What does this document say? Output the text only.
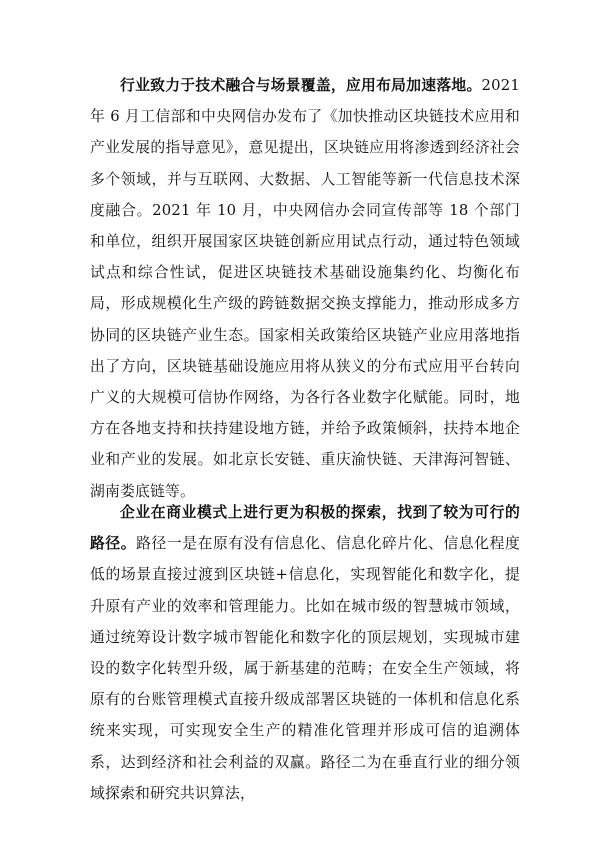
行业致力于技术融合与场景覆盖，应用布局加速落地。2021 年 6 月工信部和中央网信办发布了《加快推动区块链技术应用和产业发展的指导意见》，意见提出，区块链应用将渗透到经济社会多个领域，并与互联网、大数据、人工智能等新一代信息技术深度融合。2021 年 10 月，中央网信办会同宣传部等 18 个部门和单位，组织开展国家区块链创新应用试点行动，通过特色领域试点和综合性试，促进区块链技术基础设施集约化、均衡化布局，形成规模化生产级的跨链数据交换支撑能力，推动形成多方协同的区块链产业生态。国家相关政策给区块链产业应用落地指出了方向，区块链基础设施应用将从狭义的分布式应用平台转向广义的大规模可信协作网络，为各行各业数字化赋能。同时，地方在各地支持和扶持建设地方链，并给予政策倾斜，扶持本地企业和产业的发展。如北京长安链、重庆渝快链、天津海河智链、湖南娄底链等。

企业在商业模式上进行更为积极的探索，找到了较为可行的路径。路径一是在原有没有信息化、信息化碎片化、信息化程度低的场景直接过渡到区块链+信息化，实现智能化和数字化，提升原有产业的效率和管理能力。比如在城市级的智慧城市领域，通过统筹设计数字城市智能化和数字化的顶层规划，实现城市建设的数字化转型升级，属于新基建的范畴；在安全生产领域，将原有的台账管理模式直接升级成部署区块链的一体机和信息化系统来实现，可实现安全生产的精准化管理并形成可信的追溯体系，达到经济和社会利益的双赢。路径二为在垂直行业的细分领域探索和研究共识算法，
